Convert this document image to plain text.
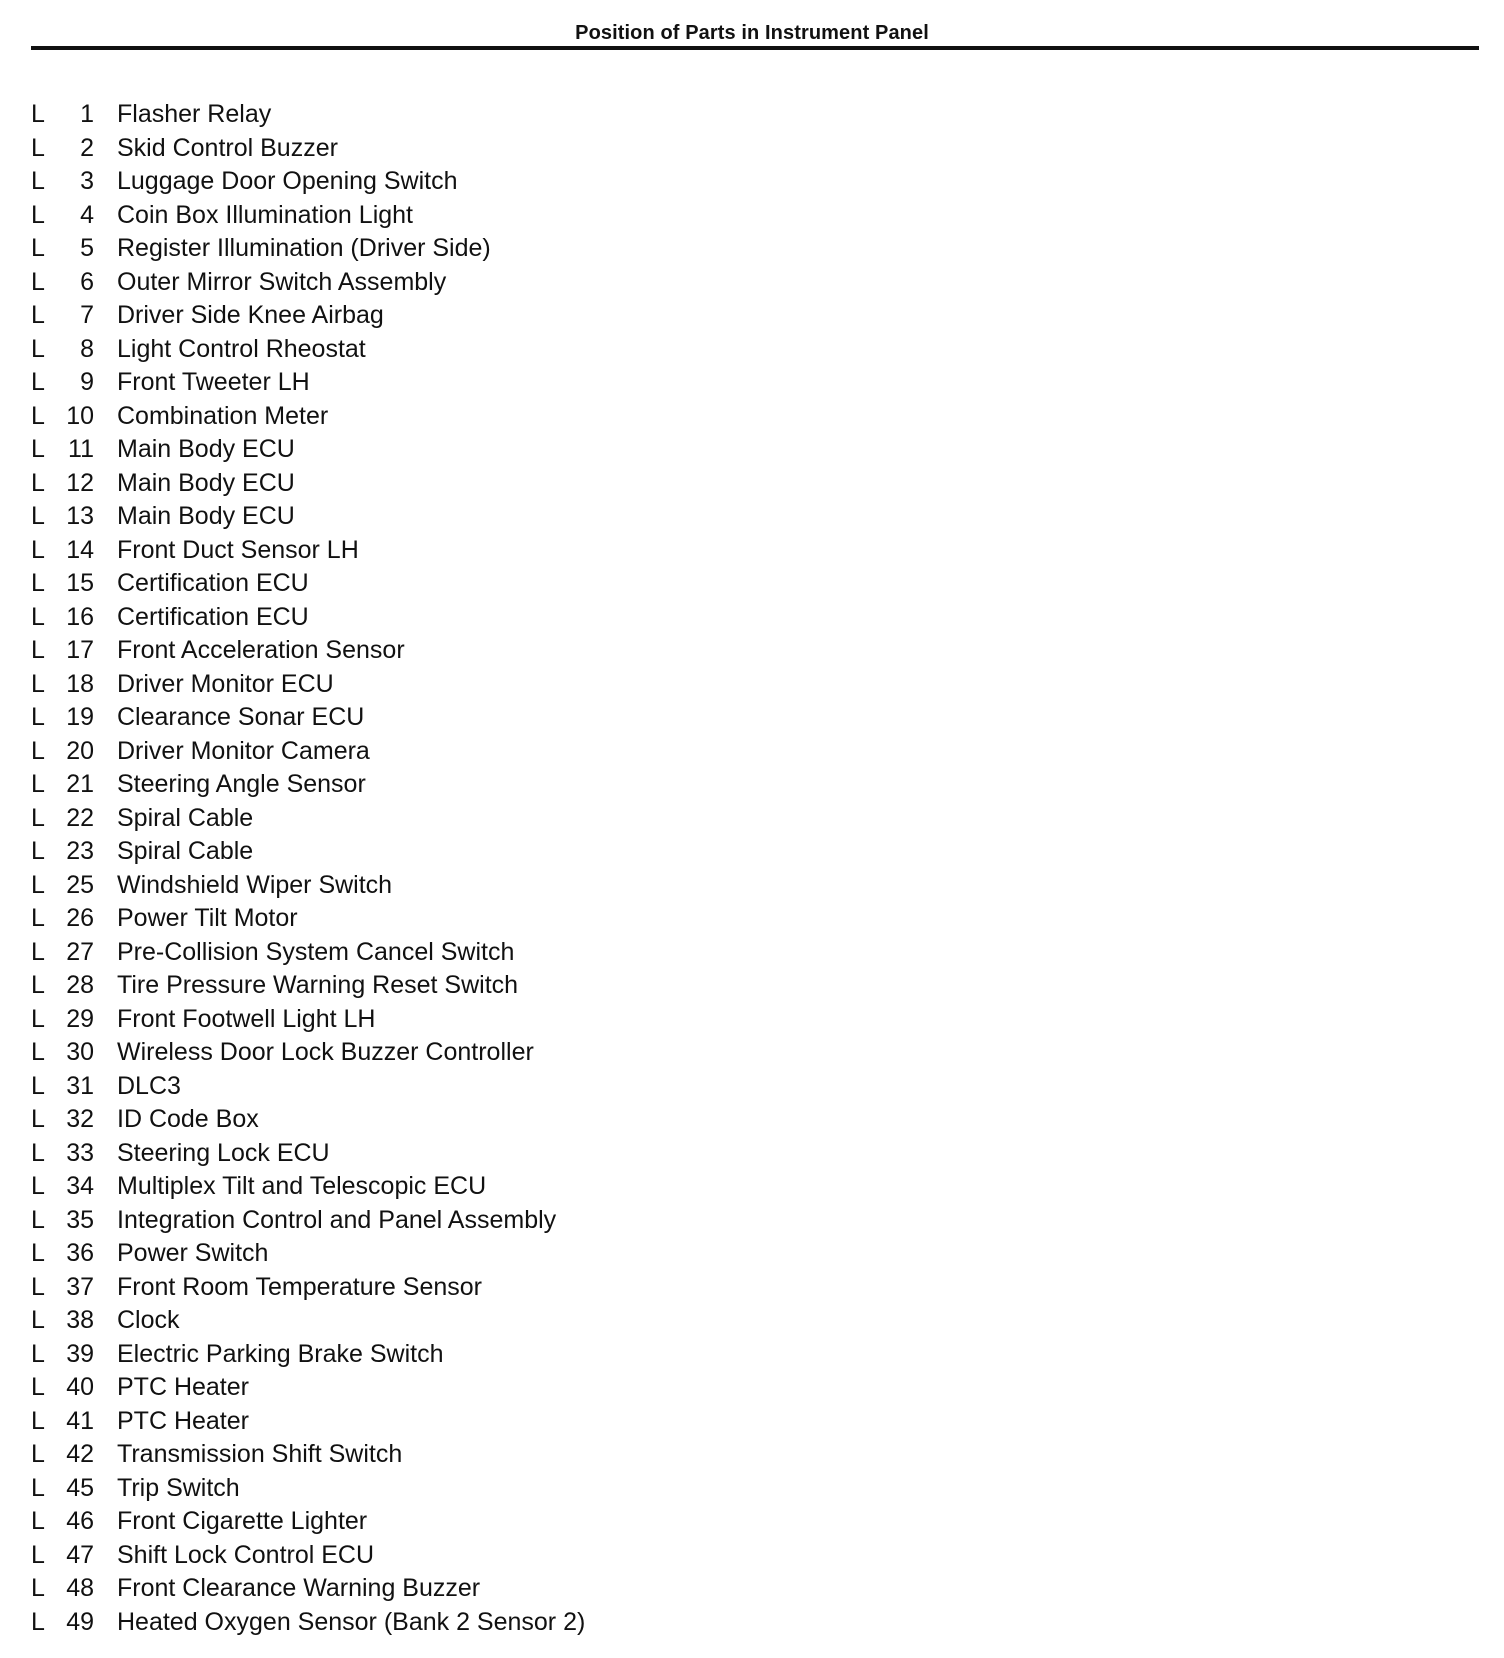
Position of Parts in Instrument Panel
L	1 Flasher Relay
L	2 Skid Control Buzzer
L	3 Luggage Door Opening Switch
L	4 Coin Box Illumination Light
L	5 Register Illumination (Driver Side)
L	6 Outer Mirror Switch Assembly
L	7 Driver Side Knee Airbag
L	8 Light Control Rheostat
L	9 Front Tweeter LH
L 10 Combination Meter
L 11 Main Body ECU
L 12 Main Body ECU
L 13 Main Body ECU
L 14 Front Duct Sensor LH
L 15 Certification ECU
L 16 Certification ECU
L 17 Front Acceleration Sensor
L 18 Driver Monitor ECU
L 19 Clearance Sonar ECU
L 20 Driver Monitor Camera
L 21 Steering Angle Sensor
L 22 Spiral Cable
L 23 Spiral Cable
L 25 Windshield Wiper Switch
L 26 Power Tilt Motor
L 27 Pre-Collision System Cancel Switch
L 28 Tire Pressure Warning Reset Switch
L 29 Front Footwell Light LH
L 30 Wireless Door Lock Buzzer Controller
L 31 DLC3
L 32 ID Code Box
L 33 Steering Lock ECU
L 34 Multiplex Tilt and Telescopic ECU
L 35 Integration Control and Panel Assembly
L 36 Power Switch
L 37 Front Room Temperature Sensor
L 38 Clock
L 39 Electric Parking Brake Switch
L 40 PTC Heater
L 41 PTC Heater
L 42 Transmission Shift Switch
L 45 Trip Switch
L 46 Front Cigarette Lighter
L 47 Shift Lock Control ECU
L 48 Front Clearance Warning Buzzer
L 49 Heated Oxygen Sensor (Bank 2 Sensor 2)
